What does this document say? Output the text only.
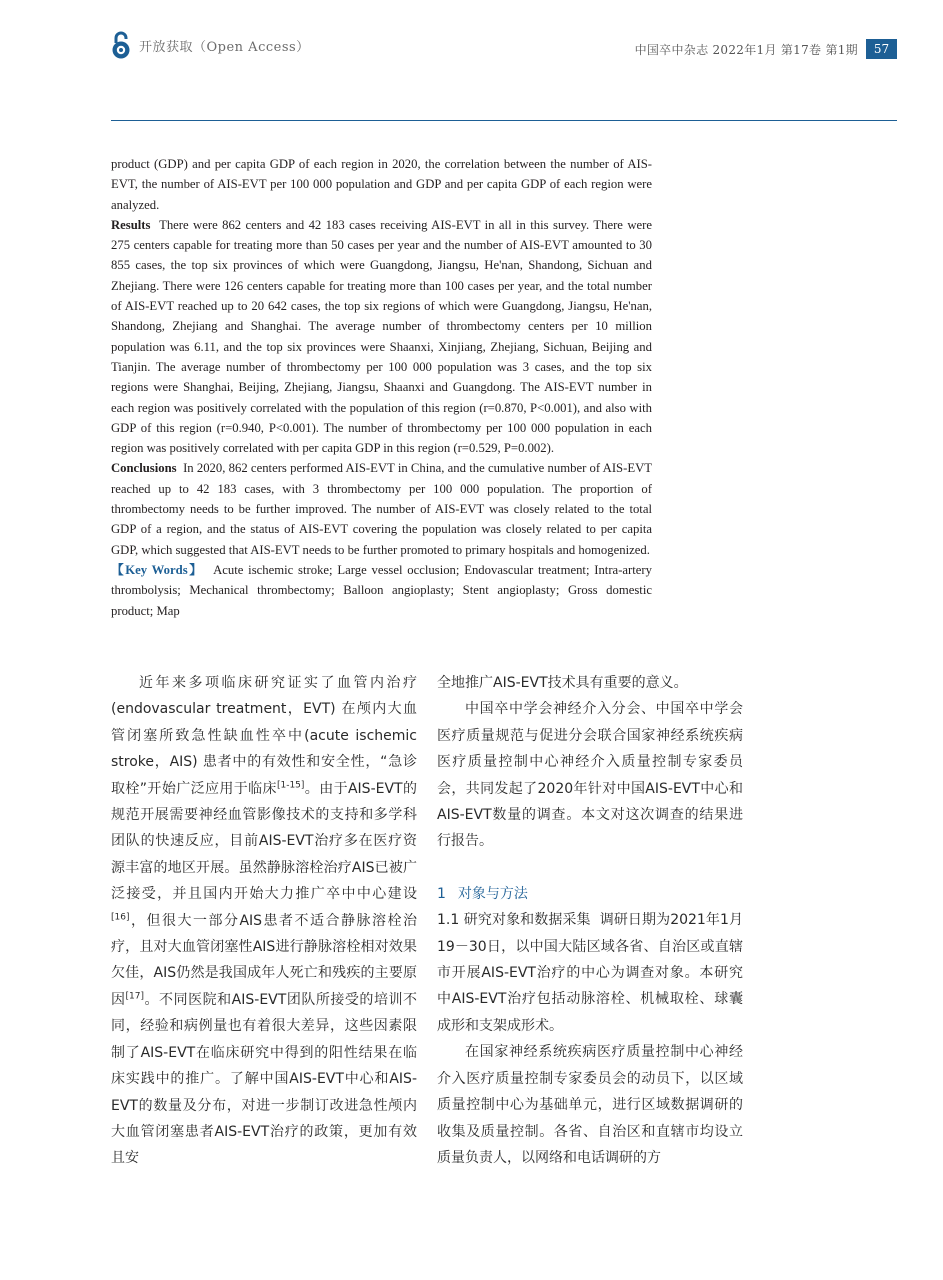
开放获取（Open Access）	中国卒中杂志 2022年1月 第17卷 第1期	57

product (GDP) and per capita GDP of each region in 2020, the correlation between the number of AIS-EVT, the number of AIS-EVT per 100 000 population and GDP and per capita GDP of each region were analyzed.

Results There were 862 centers and 42 183 cases receiving AIS-EVT in all in this survey. There were 275 centers capable for treating more than 50 cases per year and the number of AIS-EVT amounted to 30 855 cases, the top six provinces of which were Guangdong, Jiangsu, He'nan, Shandong, Sichuan and Zhejiang. There were 126 centers capable for treating more than 100 cases per year, and the total number of AIS-EVT reached up to 20 642 cases, the top six regions of which were Guangdong, Jiangsu, He'nan, Shandong, Zhejiang and Shanghai. The average number of thrombectomy centers per 10 million population was 6.11, and the top six provinces were Shaanxi, Xinjiang, Zhejiang, Sichuan, Beijing and Tianjin. The average number of thrombectomy per 100 000 population was 3 cases, and the top six regions were Shanghai, Beijing, Zhejiang, Jiangsu, Shaanxi and Guangdong. The AIS-EVT number in each region was positively correlated with the population of this region (r=0.870, P<0.001), and also with GDP of this region (r=0.940, P<0.001). The number of thrombectomy per 100 000 population in each region was positively correlated with per capita GDP in this region (r=0.529, P=0.002).

Conclusions In 2020, 862 centers performed AIS-EVT in China, and the cumulative number of AIS-EVT reached up to 42 183 cases, with 3 thrombectomy per 100 000 population. The proportion of thrombectomy needs to be further improved. The number of AIS-EVT was closely related to the total GDP of a region, and the status of AIS-EVT covering the population was closely related to per capita GDP, which suggested that AIS-EVT needs to be further promoted to primary hospitals and homogenized.

【Key Words】 Acute ischemic stroke; Large vessel occlusion; Endovascular treatment; Intra-artery thrombolysis; Mechanical thrombectomy; Balloon angioplasty; Stent angioplasty; Gross domestic product; Map

近年来多项临床研究证实了血管内治疗(endovascular treatment，EVT) 在颅内大血管闭塞所致急性缺血性卒中(acute ischemic stroke，AIS) 患者中的有效性和安全性，“急诊取栓”开始广泛应用于临床[1-15]。由于AIS-EVT的规范开展需要神经血管影像技术的支持和多学科团队的快速反应，目前AIS-EVT治疗多在医疗资源丰富的地区开展。虽然静脉溶栓治疗AIS已被广泛接受，并且国内开始大力推广卒中中心建设[16]，但很大一部分AIS患者不适合静脉溶栓治疗，且对大血管闭塞性AIS进行静脉溶栓相对效果欠佳，AIS仍然是我国成年人死亡和残疾的主要原因[17]。不同医院和AIS-EVT团队所接受的培训不同，经验和病例量也有着很大差异，这些因素限制了AIS-EVT在临床研究中得到的阳性结果在临床实践中的推广。了解中国AIS-EVT中心和AIS-EVT的数量及分布，对进一步制订改进急性颅内大血管闭塞患者AIS-EVT治疗的政策，更加有效且安

全地推广AIS-EVT技术具有重要的意义。

中国卒中学会神经介入分会、中国卒中学会医疗质量规范与促进分会联合国家神经系统疾病医疗质量控制中心神经介入质量控制专家委员会，共同发起了2020年针对中国AIS-EVT中心和AIS-EVT数量的调查。本文对这次调查的结果进行报告。

1 对象与方法

1.1 研究对象和数据采集 调研日期为2021年1月19－30日，以中国大陆区域各省、自治区或直辖市开展AIS-EVT治疗的中心为调查对象。本研究中AIS-EVT治疗包括动脉溶栓、机械取栓、球囊成形和支架成形术。

在国家神经系统疾病医疗质量控制中心神经介入医疗质量控制专家委员会的动员下，以区域质量控制中心为基础单元，进行区域数据调研的收集及质量控制。各省、自治区和直辖市均设立质量负责人，以网络和电话调研的方
